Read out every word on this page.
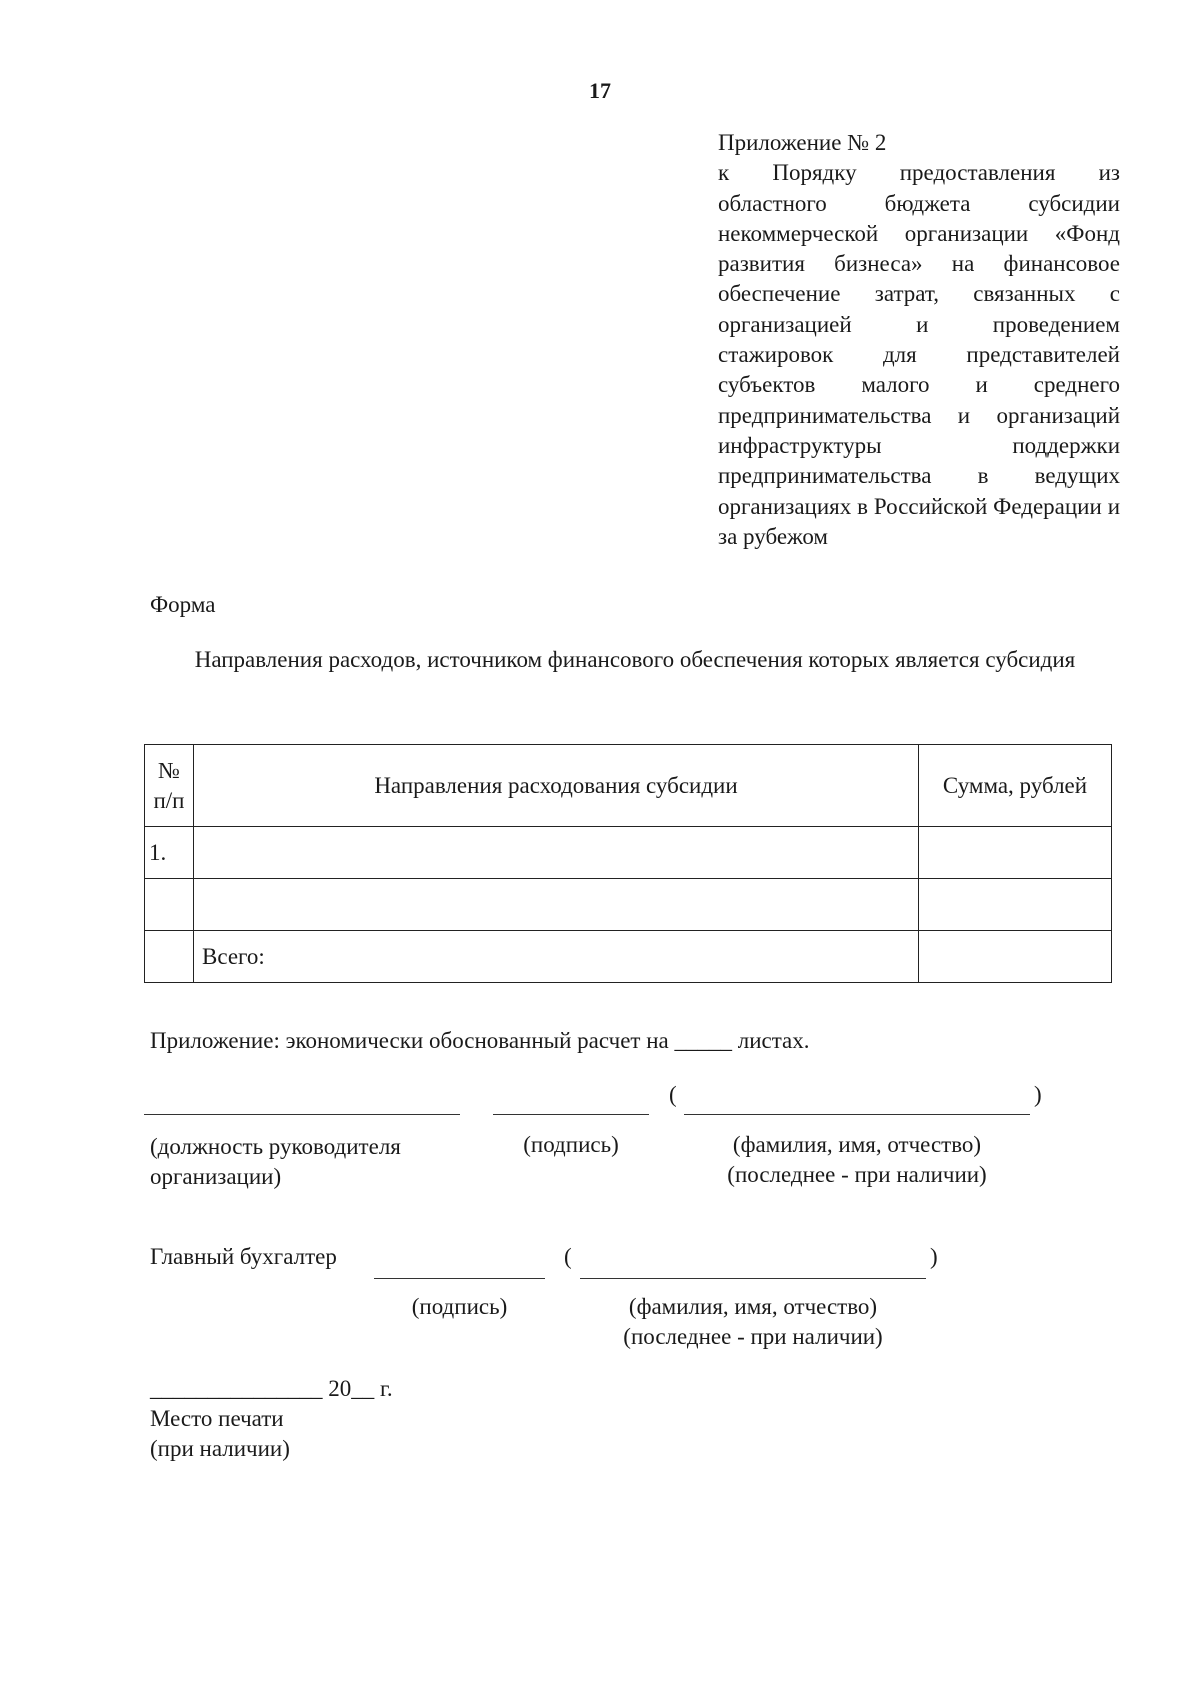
17
Приложение № 2
к Порядку предоставления из областного бюджета субсидии некоммерческой организации «Фонд развития бизнеса» на финансовое обеспечение затрат, связанных с организацией и проведением стажировок для представителей субъектов малого и среднего предпринимательства и организаций инфраструктуры поддержки предпринимательства в ведущих организациях в Российской Федерации и за рубежом
Форма
Направления расходов, источником финансового обеспечения которых является субсидия
№ п/п	Направления расходования субсидии	Сумма, рублей
1.		

	Всего:	
Приложение: экономически обоснованный расчет на _____ листах.
(	)
(должность руководителя организации)
(подпись)	(фамилия, имя, отчество)
(последнее - при наличии)
Главный бухгалтер	(	)
(подпись)	(фамилия, имя, отчество)
(последнее - при наличии)
_______________ 20__ г.
Место печати
(при наличии)
